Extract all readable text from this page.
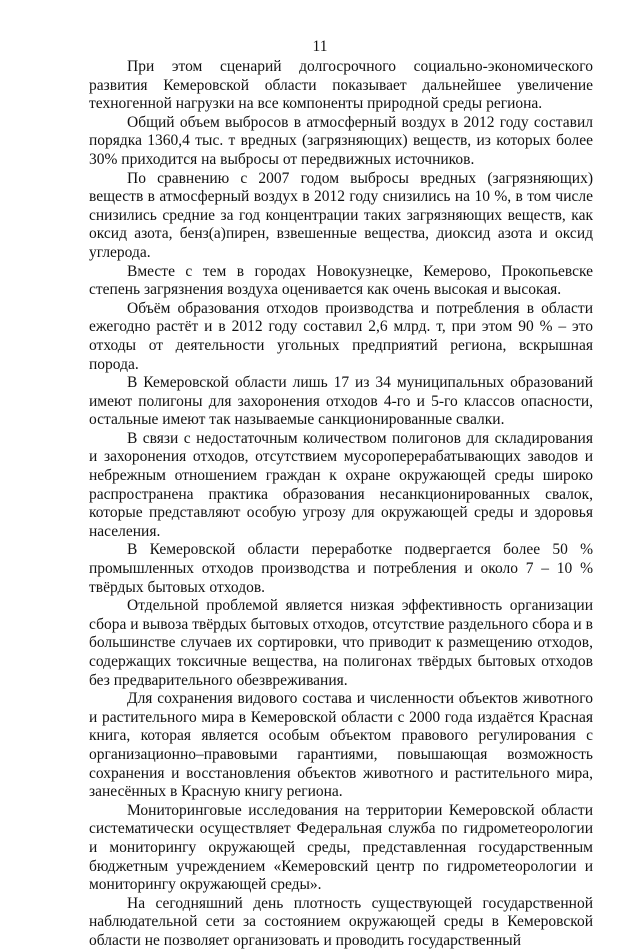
11

При этом сценарий долгосрочного социально-экономического развития Кемеровской области показывает дальнейшее увеличение техногенной нагрузки на все компоненты природной среды региона.

Общий объем выбросов в атмосферный воздух в 2012 году составил порядка 1360,4 тыс. т вредных (загрязняющих) веществ, из которых более 30% приходится на выбросы от передвижных источников.

По сравнению с 2007 годом выбросы вредных (загрязняющих) веществ в атмосферный воздух в 2012 году снизились на 10 %, в том числе снизились средние за год концентрации таких загрязняющих веществ, как оксид азота, бенз(а)пирен, взвешенные вещества, диоксид азота и оксид углерода.

Вместе с тем в городах Новокузнецке, Кемерово, Прокопьевске степень загрязнения воздуха оценивается как очень высокая и высокая.

Объём образования отходов производства и потребления в области ежегодно растёт и в 2012 году составил 2,6 млрд. т, при этом 90 % – это отходы от деятельности угольных предприятий региона, вскрышная порода.

В Кемеровской области лишь 17 из 34 муниципальных образований имеют полигоны для захоронения отходов 4-го и 5-го классов опасности, остальные имеют так называемые санкционированные свалки.

В связи с недостаточным количеством полигонов для складирования и захоронения отходов, отсутствием мусороперерабатывающих заводов и небрежным отношением граждан к охране окружающей среды широко распространена практика образования несанкционированных свалок, которые представляют особую угрозу для окружающей среды и здоровья населения.

В Кемеровской области переработке подвергается более 50 % промышленных отходов производства и потребления и около 7 – 10 % твёрдых бытовых отходов.

Отдельной проблемой является низкая эффективность организации сбора и вывоза твёрдых бытовых отходов, отсутствие раздельного сбора и в большинстве случаев их сортировки, что приводит к размещению отходов, содержащих токсичные вещества, на полигонах твёрдых бытовых отходов без предварительного обезвреживания.

Для сохранения видового состава и численности объектов животного и растительного мира в Кемеровской области с 2000 года издаётся Красная книга, которая является особым объектом правового регулирования с организационно–правовыми гарантиями, повышающая возможность сохранения и восстановления объектов животного и растительного мира, занесённых в Красную книгу региона.

Мониторинговые исследования на территории Кемеровской области систематически осуществляет Федеральная служба по гидрометеорологии и мониторингу окружающей среды, представленная государственным бюджетным учреждением «Кемеровский центр по гидрометеорологии и мониторингу окружающей среды».

На сегодняшний день плотность существующей государственной наблюдательной сети за состоянием окружающей среды в Кемеровской области не позволяет организовать и проводить государственный
